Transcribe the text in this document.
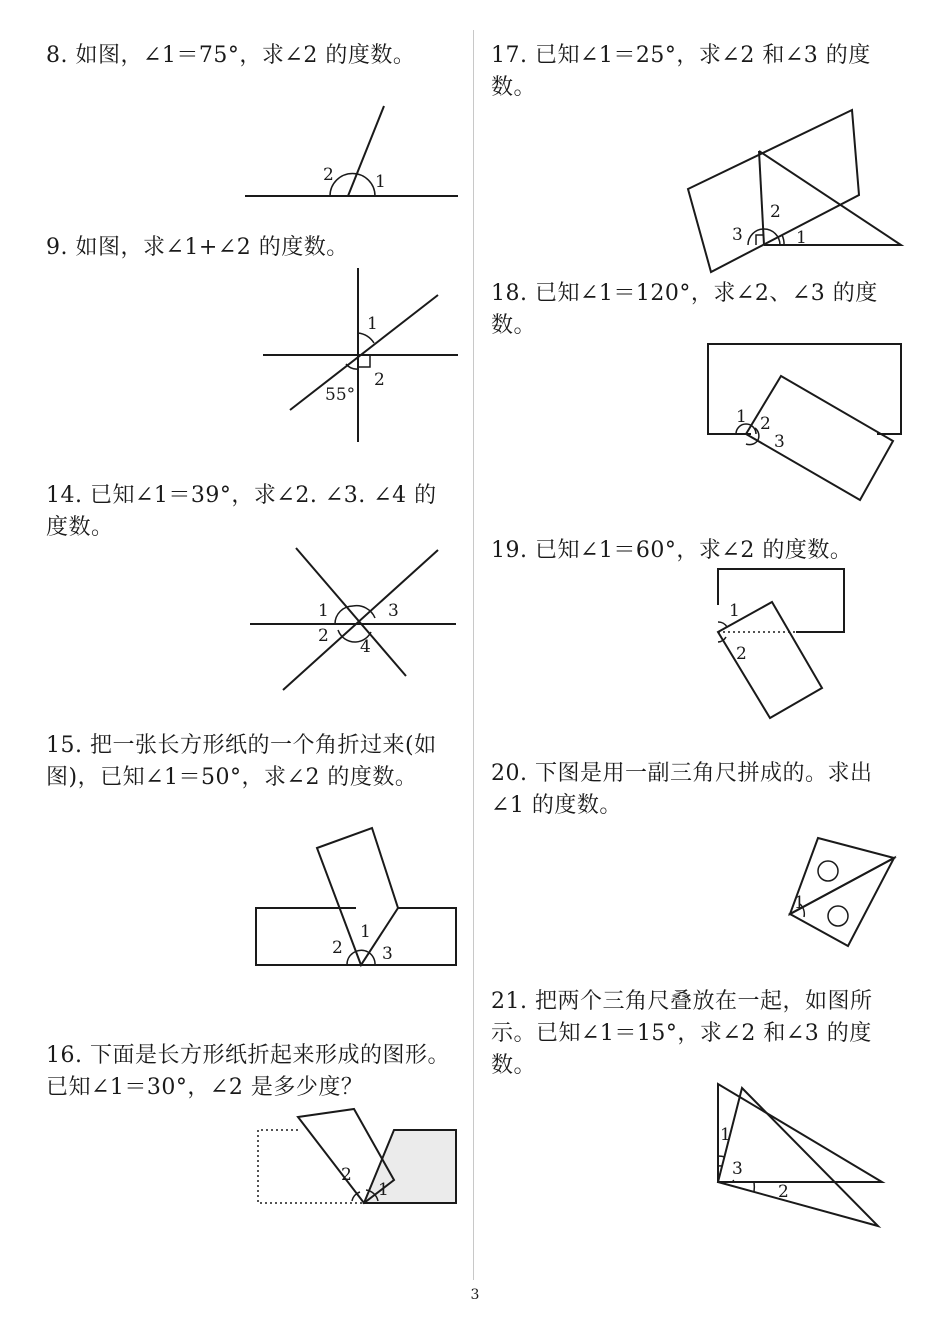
8. 如图，∠1＝75°，求∠2 的度数。

2 1

9. 如图，求∠1+∠2 的度数。

1
2
55°

14. 已知∠1＝39°，求∠2. ∠3. ∠4 的度数。

1	3
2
4

15. 把一张长方形纸的一个角折过来(如图)，已知∠1＝50°，求∠2 的度数。

1
2 3

16. 下面是长方形纸折起来形成的图形。已知∠1＝30°，∠2 是多少度？

2
1

17. 已知∠1＝25°，求∠2 和∠3 的度数。

2
3	1

18. 已知∠1＝120°，求∠2、∠3 的度数。

1 2
3

19. 已知∠1＝60°，求∠2 的度数。

1
2

20. 下图是用一副三角尺拼成的。求出∠1 的度数。

1

21. 把两个三角尺叠放在一起，如图所示。已知∠1＝15°，求∠2 和∠3 的度数。

1
3
2
3
